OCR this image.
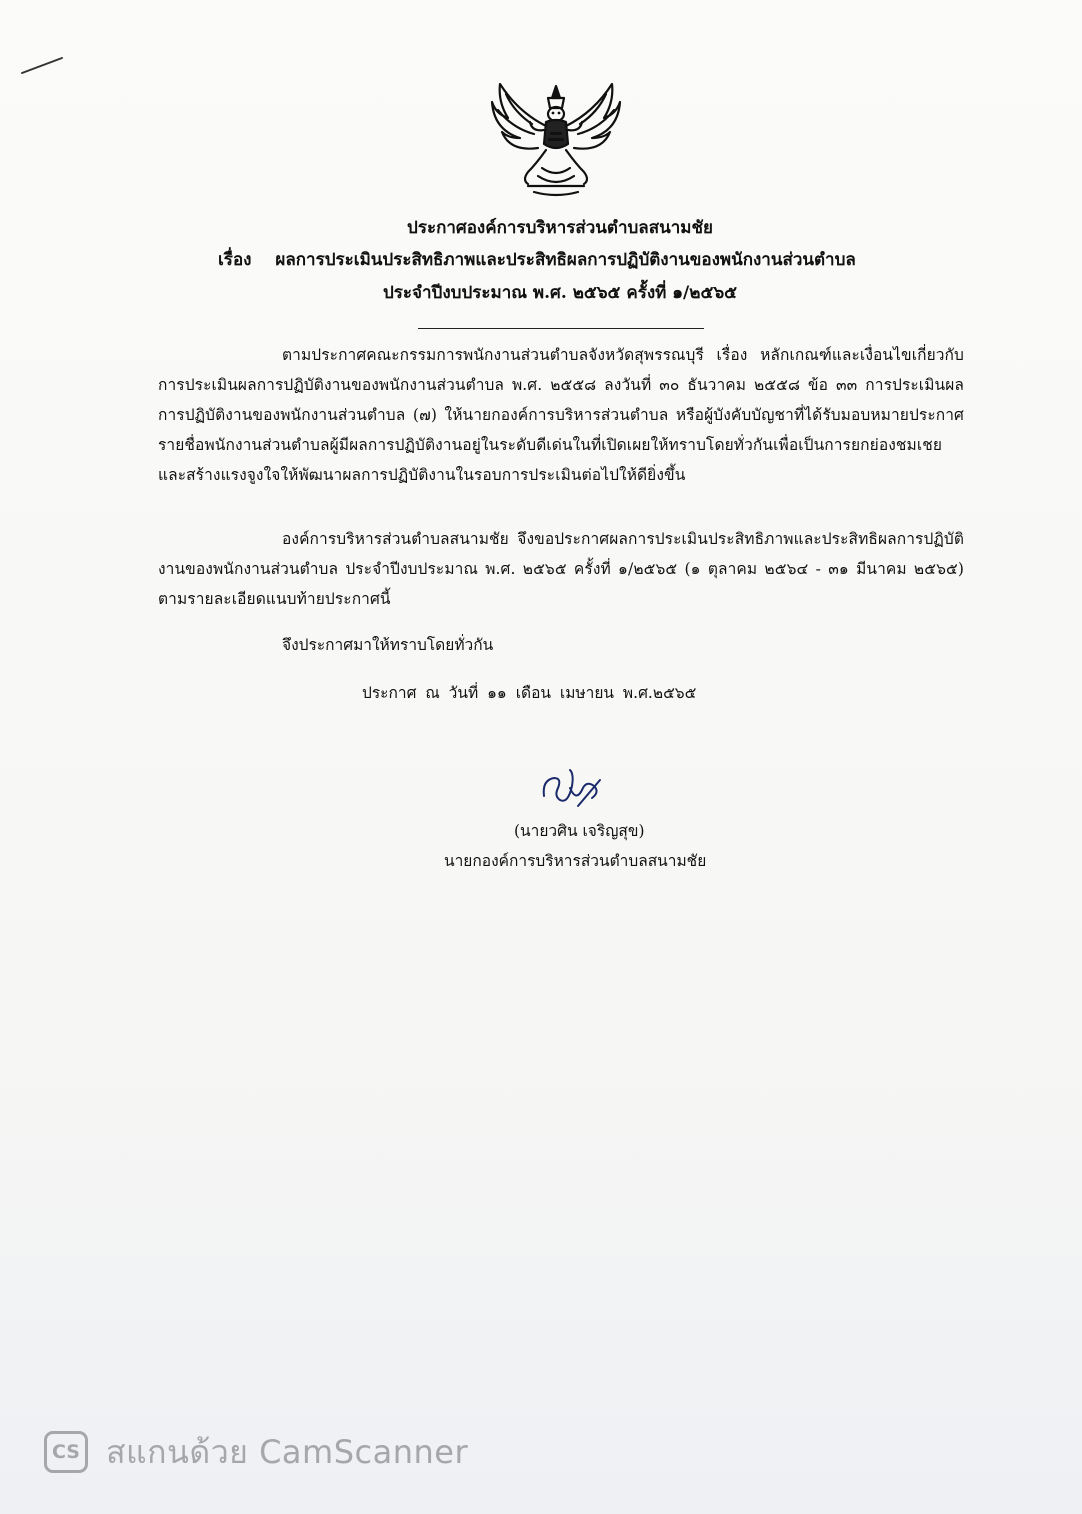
ประกาศองค์การบริหารส่วนตำบลสนามชัย
เรื่อง ผลการประเมินประสิทธิภาพและประสิทธิผลการปฏิบัติงานของพนักงานส่วนตำบล
ประจำปีงบประมาณ พ.ศ. ๒๕๖๕ ครั้งที่ ๑/๒๕๖๕
ตามประกาศคณะกรรมการพนักงานส่วนตำบลจังหวัดสุพรรณบุรี เรื่อง หลักเกณฑ์และเงื่อนไขเกี่ยวกับการประเมินผลการปฏิบัติงานของพนักงานส่วนตำบล พ.ศ. ๒๕๕๘ ลงวันที่ ๓๐ ธันวาคม ๒๕๕๘ ข้อ ๓๓ การประเมินผลการปฏิบัติงานของพนักงานส่วนตำบล (๗) ให้นายกองค์การบริหารส่วนตำบล หรือผู้บังคับบัญชาที่ได้รับมอบหมายประกาศรายชื่อพนักงานส่วนตำบลผู้มีผลการปฏิบัติงานอยู่ในระดับดีเด่นในที่เปิดเผยให้ทราบโดยทั่วกันเพื่อเป็นการยกย่องชมเชยและสร้างแรงจูงใจให้พัฒนาผลการปฏิบัติงานในรอบการประเมินต่อไปให้ดียิ่งขึ้น
องค์การบริหารส่วนตำบลสนามชัย จึงขอประกาศผลการประเมินประสิทธิภาพและประสิทธิผลการปฏิบัติงานของพนักงานส่วนตำบล ประจำปีงบประมาณ พ.ศ. ๒๕๖๕ ครั้งที่ ๑/๒๕๖๕ (๑ ตุลาคม ๒๕๖๔ - ๓๑ มีนาคม ๒๕๖๕) ตามรายละเอียดแนบท้ายประกาศนี้
จึงประกาศมาให้ทราบโดยทั่วกัน
ประกาศ ณ วันที่ ๑๑ เดือน เมษายน พ.ศ.๒๕๖๕
(นายวศิน เจริญสุข)
นายกองค์การบริหารส่วนตำบลสนามชัย
CS สแกนด้วย CamScanner
